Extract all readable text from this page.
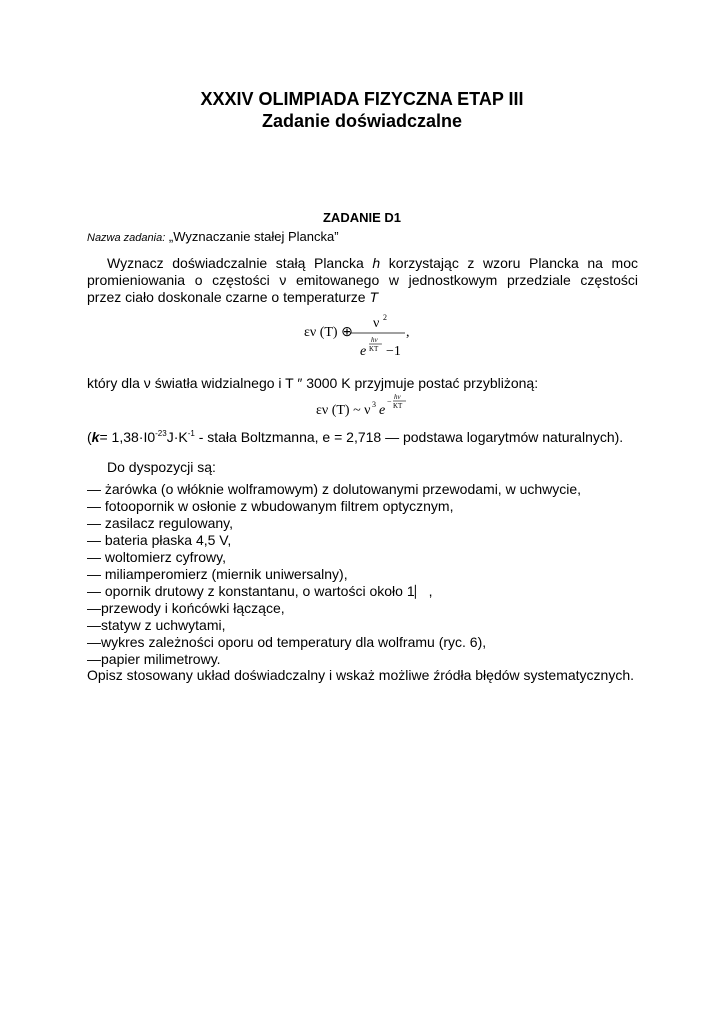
XXXIV OLIMPIADA FIZYCZNA ETAP III
Zadanie doświadczalne
ZADANIE D1
Nazwa zadania: „Wyznaczanie stałej Plancka”
Wyznacz doświadczalnie stałą Plancka h korzystając z wzoru Plancka na moc
promieniowania o częstości ν emitowanego w jednostkowym przedziale częstości
przez ciało doskonale czarne o temperaturze T
εν (T) ⊕
ν 2
,
hν
KT
e −1
który dla ν światła widzialnego i T ″ 3000 K przyjmuje postać przybliżoną:
εν (T) ~ ν 3 e
− hν
KT
($k= 1,38\cdot I0^{-23}J\cdot K^{-1}$ - stała Boltzmanna, e = 2,718 — podstawa logarytmów naturalnych).
Do dyspozycji są:
— żarówka (o włóknie wolframowym) z dolutowanymi przewodami, w uchwycie,
— fotoopornik w osłonie z wbudowanym filtrem optycznym,
— zasilacz regulowany,
— bateria płaska 4,5 V,
— woltomierz cyfrowy,
— miliamperomierz (miernik uniwersalny),
— opornik drutowy z konstantanu, o wartości około 1⎸,
—przewody i końcówki łączące,
—statyw z uchwytami,
—wykres zależności oporu od temperatury dla wolframu (ryc. 6),
—papier milimetrowy.
Opisz stosowany układ doświadczalny i wskaż możliwe źródła błędów systematycznych.
